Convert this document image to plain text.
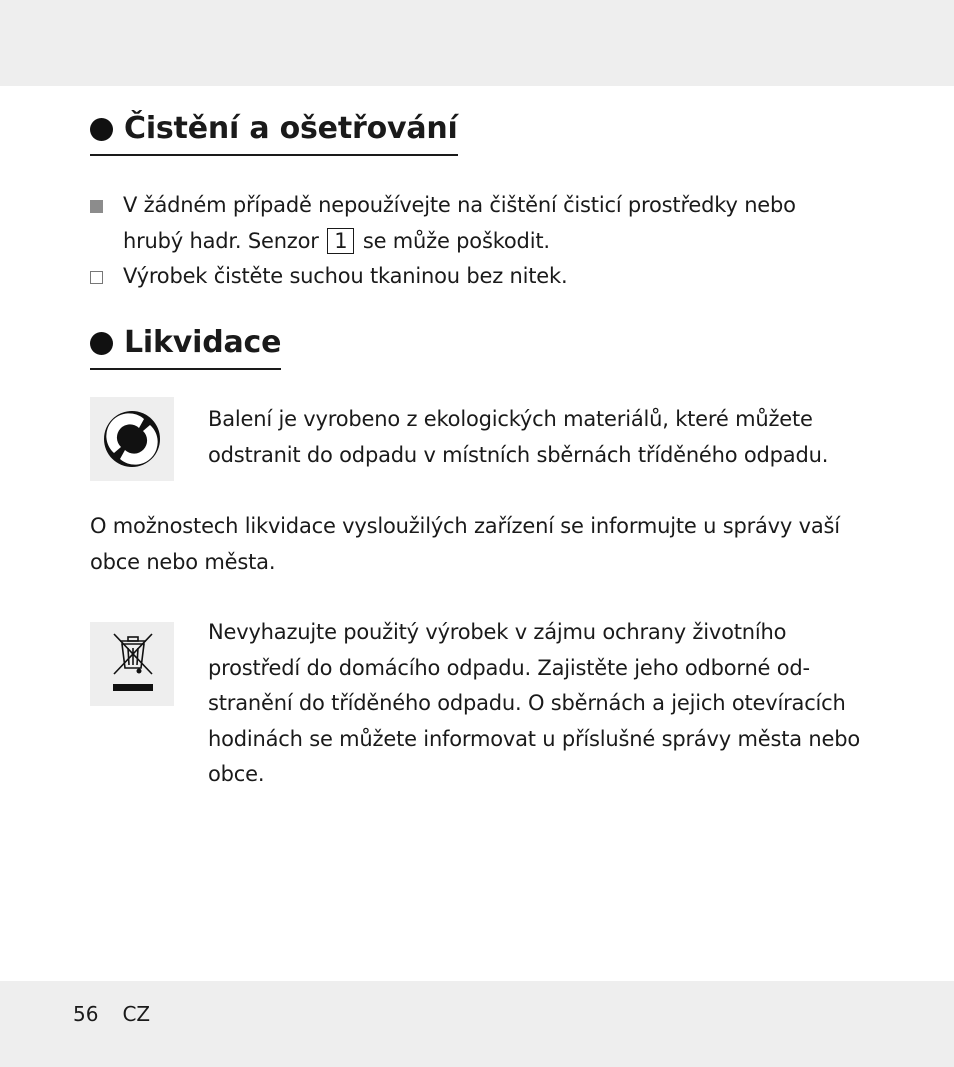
Čistění a ošetřování
V žádném případě nepoužívejte na čištění čisticí prostředky nebo hrubý hadr. Senzor 1 se může poškodit.
Výrobek čistěte suchou tkaninou bez nitek.
Likvidace
Balení je vyrobeno z ekologických materiálů, které můžete odstranit do odpadu v místních sběrnách tříděného odpadu.
O možnostech likvidace vysloužilých zařízení se informujte u správy vaší obce nebo města.
Nevyhazujte použitý výrobek v zájmu ochrany životního
prostředí do domácího odpadu. Zajistěte jeho odborné od-
stranění do tříděného odpadu. O sběrnách a jejich otevíracích
hodinách se můžete informovat u příslušné správy města nebo
obce.
56 CZ
